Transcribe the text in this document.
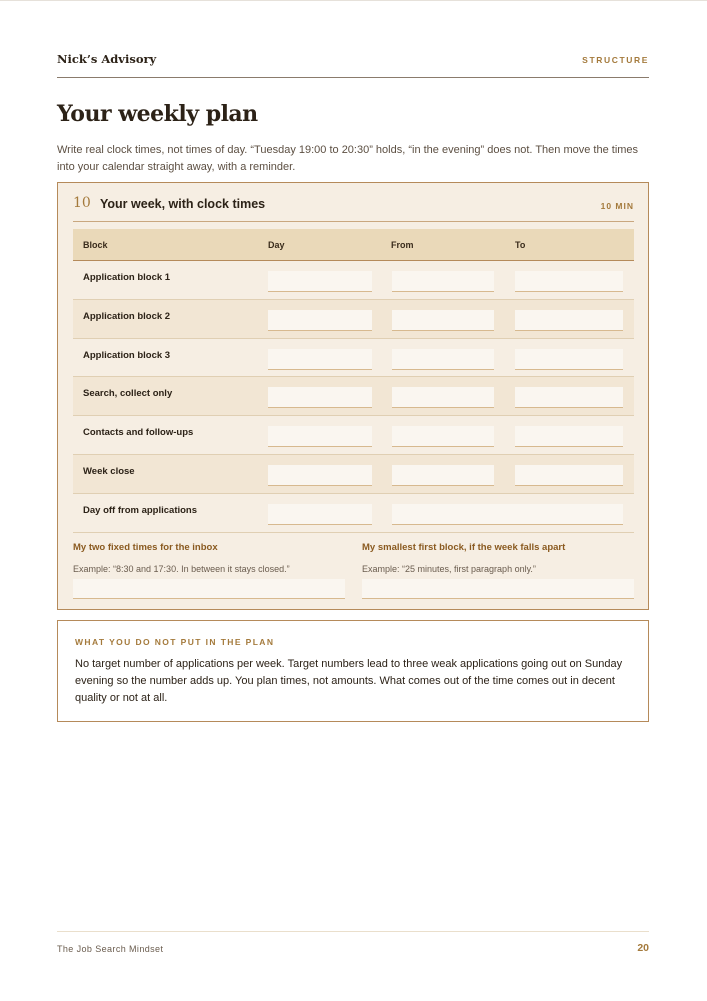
Nick’s Advisory	STRUCTURE
Your weekly plan

Write real clock times, not times of day. “Tuesday 19:00 to 20:30” holds, “in the evening” does not. Then move the times into your calendar straight away, with a reminder.

10 Your week, with clock times	10 MIN
Block	Day	From	To
Application block 1
Application block 2
Application block 3
Search, collect only
Contacts and follow-ups
Week close
Day off from applications
My two fixed times for the inbox
Example: “8:30 and 17:30. In between it stays closed.”
My smallest first block, if the week falls apart
Example: “25 minutes, first paragraph only.”
WHAT YOU DO NOT PUT IN THE PLAN

No target number of applications per week. Target numbers lead to three weak applications going out on Sunday evening so the number adds up. You plan times, not amounts. What comes out of the time comes out in decent quality or not at all.

The Job Search Mindset	20
